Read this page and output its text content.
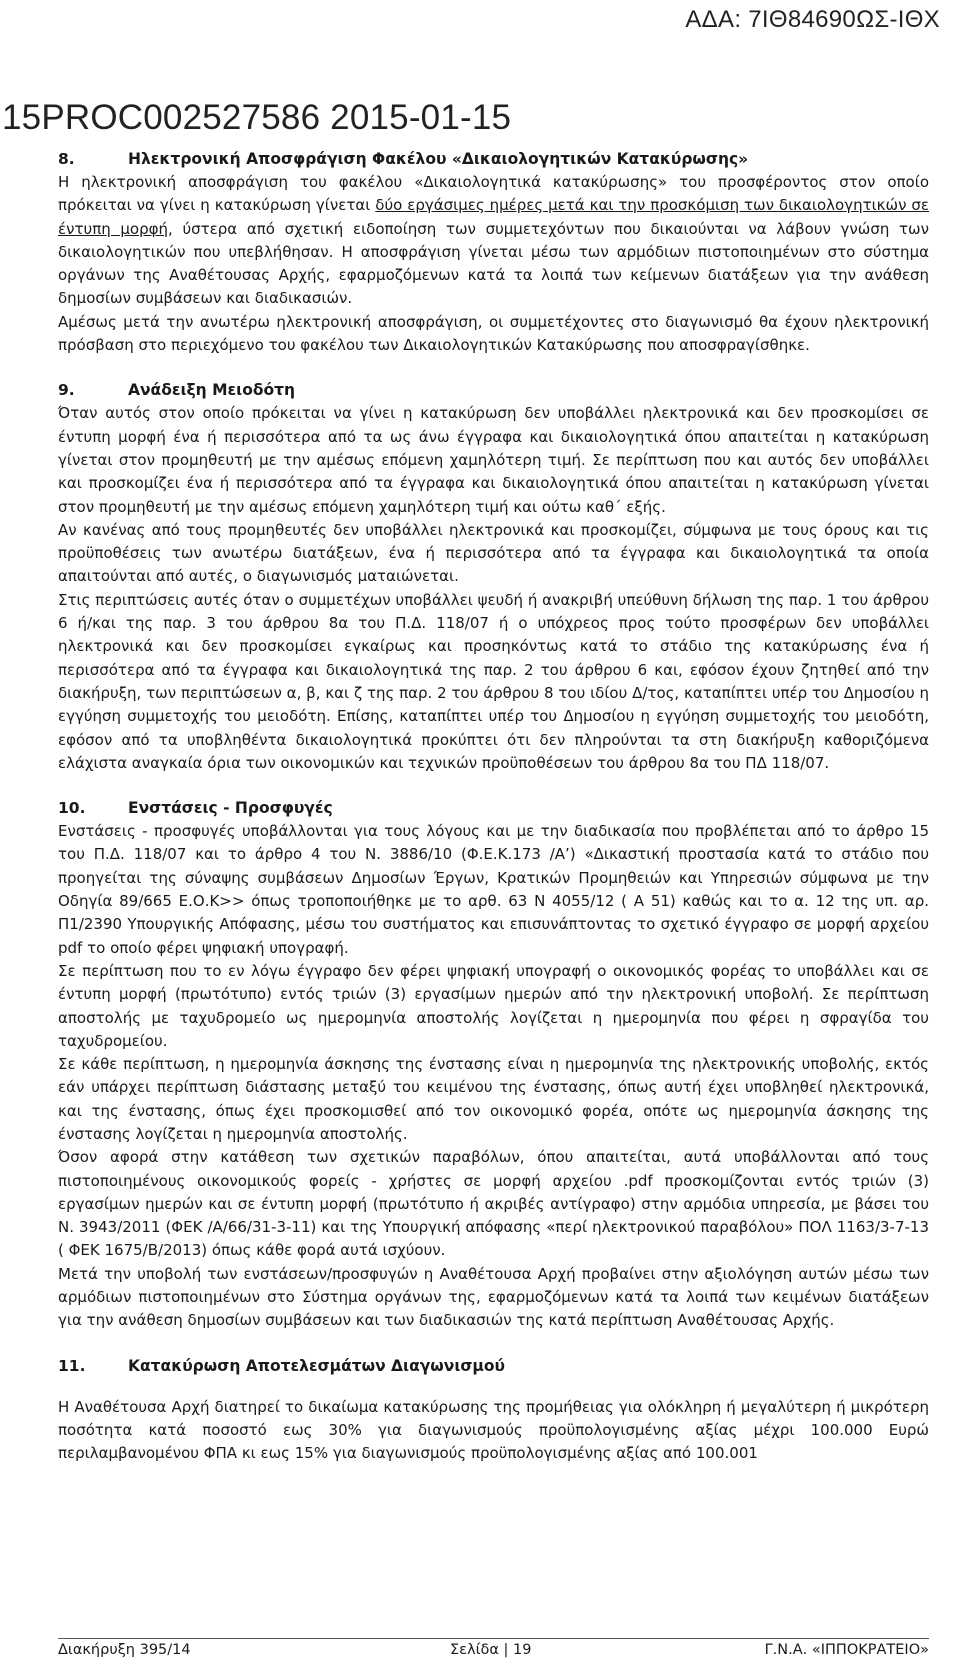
ΑΔΑ: 7ΙΘ84690ΩΣ-ΙΘΧ
15PROC002527586 2015-01-15
8.	Ηλεκτρονική Αποσφράγιση Φακέλου «Δικαιολογητικών Κατακύρωσης»

Η ηλεκτρονική αποσφράγιση του φακέλου «Δικαιολογητικά κατακύρωσης» του προσφέροντος στον οποίο πρόκειται να γίνει η κατακύρωση γίνεται δύο εργάσιμες ημέρες μετά και την προσκόμιση των δικαιολογητικών σε έντυπη μορφή, ύστερα από σχετική ειδοποίηση των συμμετεχόντων που δικαιούνται να λάβουν γνώση των δικαιολογητικών που υπεβλήθησαν. Η αποσφράγιση γίνεται μέσω των αρμόδιων πιστοποιημένων στο σύστημα οργάνων της Αναθέτουσας Αρχής, εφαρμοζόμενων κατά τα λοιπά των κείμενων διατάξεων για την ανάθεση δημοσίων συμβάσεων και διαδικασιών.

Αμέσως μετά την ανωτέρω ηλεκτρονική αποσφράγιση, οι συμμετέχοντες στο διαγωνισμό θα έχουν ηλεκτρονική πρόσβαση στο περιεχόμενο του φακέλου των Δικαιολογητικών Κατακύρωσης που αποσφραγίσθηκε.

9.	Ανάδειξη Μειοδότη

Όταν αυτός στον οποίο πρόκειται να γίνει η κατακύρωση δεν υποβάλλει ηλεκτρονικά και δεν προσκομίσει σε έντυπη μορφή ένα ή περισσότερα από τα ως άνω έγγραφα και δικαιολογητικά όπου απαιτείται η κατακύρωση γίνεται στον προμηθευτή με την αμέσως επόμενη χαμηλότερη τιμή. Σε περίπτωση που και αυτός δεν υποβάλλει και προσκομίζει ένα ή περισσότερα από τα έγγραφα και δικαιολογητικά όπου απαιτείται η κατακύρωση γίνεται στον προμηθευτή με την αμέσως επόμενη χαμηλότερη τιμή και ούτω καθ΄ εξής.

Αν κανένας από τους προμηθευτές δεν υποβάλλει ηλεκτρονικά και προσκομίζει, σύμφωνα με τους όρους και τις προϋποθέσεις των ανωτέρω διατάξεων, ένα ή περισσότερα από τα έγγραφα και δικαιολογητικά τα οποία απαιτούνται από αυτές, ο διαγωνισμός ματαιώνεται.

Στις περιπτώσεις αυτές όταν ο συμμετέχων υποβάλλει ψευδή ή ανακριβή υπεύθυνη δήλωση της παρ. 1 του άρθρου 6 ή/και της παρ. 3 του άρθρου 8α του Π.Δ. 118/07 ή ο υπόχρεος προς τούτο προσφέρων δεν υποβάλλει ηλεκτρονικά και δεν προσκομίσει εγκαίρως και προσηκόντως κατά το στάδιο της κατακύρωσης ένα ή περισσότερα από τα έγγραφα και δικαιολογητικά της παρ. 2 του άρθρου 6 και, εφόσον έχουν ζητηθεί από την διακήρυξη, των περιπτώσεων α, β, και ζ της παρ. 2 του άρθρου 8 του ιδίου Δ/τος, καταπίπτει υπέρ του Δημοσίου η εγγύηση συμμετοχής του μειοδότη. Επίσης, καταπίπτει υπέρ του Δημοσίου η εγγύηση συμμετοχής του μειοδότη, εφόσον από τα υποβληθέντα δικαιολογητικά προκύπτει ότι δεν πληρούνται τα στη διακήρυξη καθοριζόμενα ελάχιστα αναγκαία όρια των οικονομικών και τεχνικών προϋποθέσεων του άρθρου 8α του ΠΔ 118/07.

10.	Ενστάσεις - Προσφυγές

Ενστάσεις - προσφυγές υποβάλλονται για τους λόγους και με την διαδικασία που προβλέπεται από το άρθρο 15 του Π.Δ. 118/07 και το άρθρο 4 του Ν. 3886/10 (Φ.Ε.Κ.173 /Α’) «Δικαστική προστασία κατά το στάδιο που προηγείται της σύναψης συμβάσεων Δημοσίων Έργων, Κρατικών Προμηθειών και Υπηρεσιών σύμφωνα με την Οδηγία 89/665 Ε.Ο.Κ>> όπως τροποποιήθηκε με το αρθ. 63 Ν 4055/12 ( Α 51) καθώς και το α. 12 της υπ. αρ. Π1/2390 Υπουργικής Απόφασης, μέσω του συστήματος και επισυνάπτοντας το σχετικό έγγραφο σε μορφή αρχείου pdf το οποίο φέρει ψηφιακή υπογραφή.

Σε περίπτωση που το εν λόγω έγγραφο δεν φέρει ψηφιακή υπογραφή ο οικονομικός φορέας το υποβάλλει και σε έντυπη μορφή (πρωτότυπο) εντός τριών (3) εργασίμων ημερών από την ηλεκτρονική υποβολή. Σε περίπτωση αποστολής με ταχυδρομείο ως ημερομηνία αποστολής λογίζεται η ημερομηνία που φέρει η σφραγίδα του ταχυδρομείου.

Σε κάθε περίπτωση, η ημερομηνία άσκησης της ένστασης είναι η ημερομηνία της ηλεκτρονικής υποβολής, εκτός εάν υπάρχει περίπτωση διάστασης μεταξύ του κειμένου της ένστασης, όπως αυτή έχει υποβληθεί ηλεκτρονικά, και της ένστασης, όπως έχει προσκομισθεί από τον οικονομικό φορέα, οπότε ως ημερομηνία άσκησης της ένστασης λογίζεται η ημερομηνία αποστολής.

Όσον αφορά στην κατάθεση των σχετικών παραβόλων, όπου απαιτείται, αυτά υποβάλλονται από τους πιστοποιημένους οικονομικούς φορείς - χρήστες σε μορφή αρχείου .pdf προσκομίζονται εντός τριών (3) εργασίμων ημερών και σε έντυπη μορφή (πρωτότυπο ή ακριβές αντίγραφο) στην αρμόδια υπηρεσία, με βάσει του Ν. 3943/2011 (ΦΕΚ /Α/66/31-3-11) και της Υπουργική απόφασης «περί ηλεκτρονικού παραβόλου» ΠΟΛ 1163/3-7-13 ( ΦΕΚ 1675/Β/2013) όπως κάθε φορά αυτά ισχύουν.

Μετά την υποβολή των ενστάσεων/προσφυγών η Αναθέτουσα Αρχή προβαίνει στην αξιολόγηση αυτών μέσω των αρμόδιων πιστοποιημένων στο Σύστημα οργάνων της, εφαρμοζόμενων κατά τα λοιπά των κειμένων διατάξεων για την ανάθεση δημοσίων συμβάσεων και των διαδικασιών της κατά περίπτωση Αναθέτουσας Αρχής.

11.	Κατακύρωση Αποτελεσμάτων Διαγωνισμού

Η Αναθέτουσα Αρχή διατηρεί το δικαίωμα κατακύρωσης της προμήθειας για ολόκληρη ή μεγαλύτερη ή μικρότερη ποσότητα κατά ποσοστό εως 30% για διαγωνισμούς προϋπολογισμένης αξίας μέχρι 100.000 Ευρώ περιλαμβανομένου ΦΠΑ κι εως 15% για διαγωνισμούς προϋπολογισμένης αξίας από 100.001

Διακήρυξη 395/14	Σελίδα | 19	Γ.Ν.Α. «ΙΠΠΟΚΡΑΤΕΙΟ»
